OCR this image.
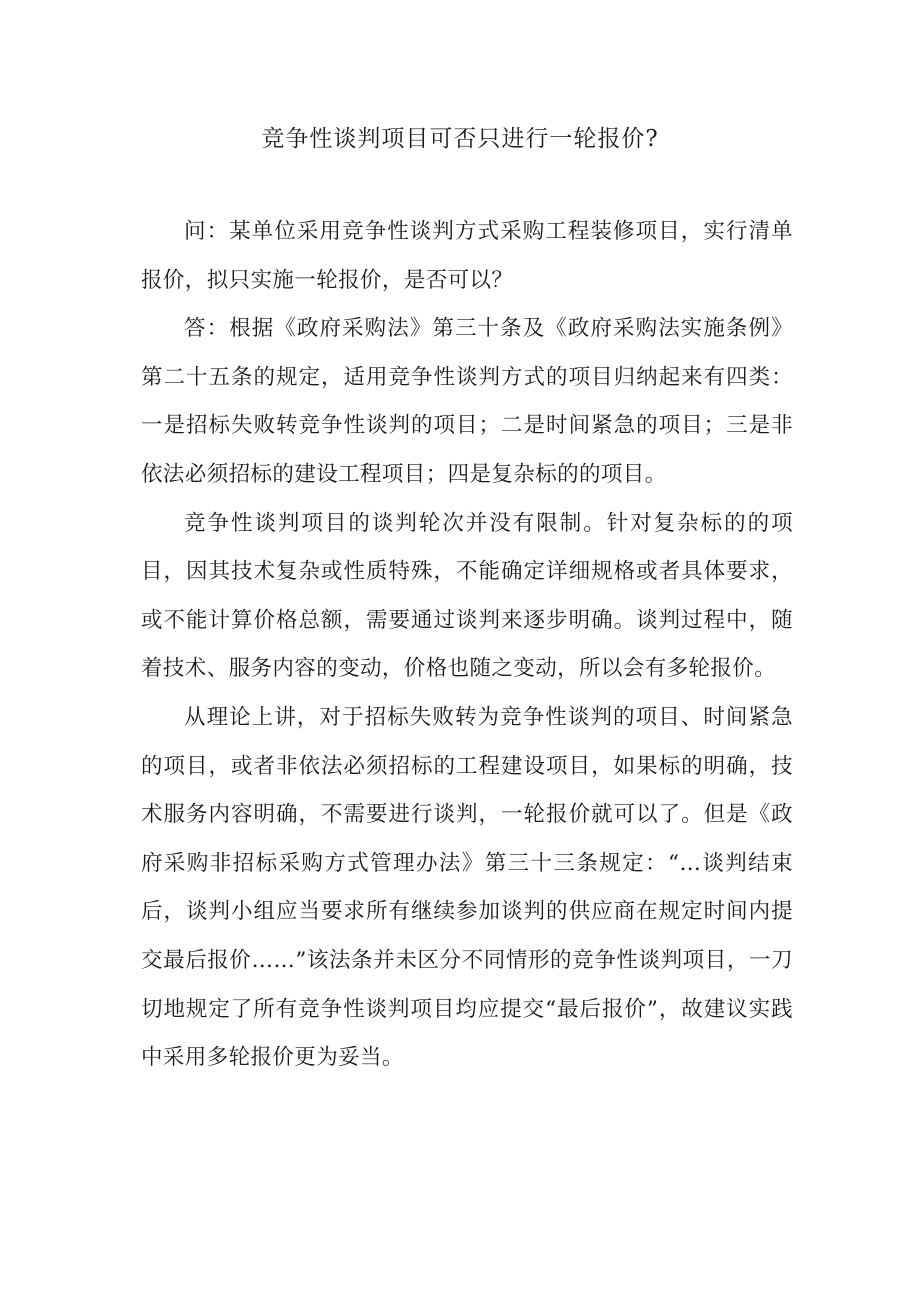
竞争性谈判项目可否只进行一轮报价?

问：某单位采用竞争性谈判方式采购工程装修项目，实行清单报价，拟只实施一轮报价，是否可以？

答：根据《政府采购法》第三十条及《政府采购法实施条例》第二十五条的规定，适用竞争性谈判方式的项目归纳起来有四类：一是招标失败转竞争性谈判的项目；二是时间紧急的项目；三是非依法必须招标的建设工程项目；四是复杂标的的项目。

竞争性谈判项目的谈判轮次并没有限制。针对复杂标的的项目，因其技术复杂或性质特殊，不能确定详细规格或者具体要求，或不能计算价格总额，需要通过谈判来逐步明确。谈判过程中，随着技术、服务内容的变动，价格也随之变动，所以会有多轮报价。

从理论上讲，对于招标失败转为竞争性谈判的项目、时间紧急的项目，或者非依法必须招标的工程建设项目，如果标的明确，技术服务内容明确，不需要进行谈判，一轮报价就可以了。但是《政府采购非招标采购方式管理办法》第三十三条规定：“…谈判结束后，谈判小组应当要求所有继续参加谈判的供应商在规定时间内提交最后报价……”该法条并未区分不同情形的竞争性谈判项目，一刀切地规定了所有竞争性谈判项目均应提交“最后报价”，故建议实践中采用多轮报价更为妥当。
